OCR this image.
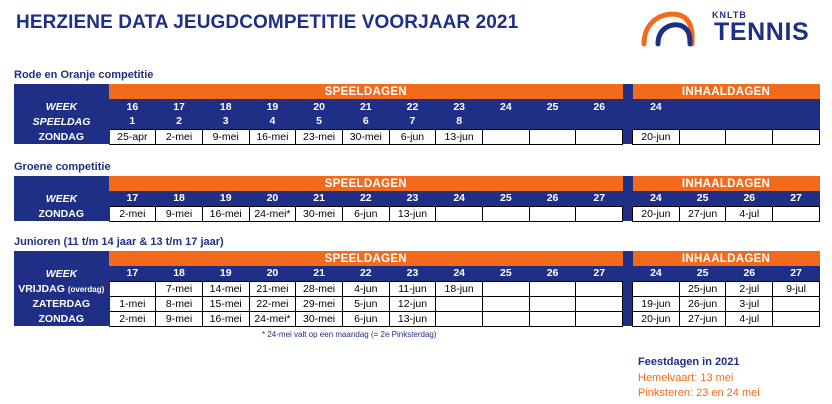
HERZIENE DATA JEUGDCOMPETITIE VOORJAAR 2021	KNLTB
TENNIS
Rode en Oranje competitie
	SPEELDAGEN												INHAALDAGEN			
WEEK	16	17	18	19	20	21	22	23	24	25	26		24			
SPEELDAG	1	2	3	4	5	6	7	8								
ZONDAG	25-apr	2-mei	9-mei	16-mei	23-mei	30-mei	6-jun	13-jun					20-jun			
Groene competitie
	SPEELDAGEN												INHAALDAGEN			
WEEK	17	18	19	20	21	22	23	24	25	26	27		24	25	26	27
ZONDAG	2-mei	9-mei	16-mei	24-mei*	30-mei	6-jun	13-jun						20-jun	27-jun	4-jul	
Junioren (11 t/m 14 jaar & 13 t/m 17 jaar)
	SPEELDAGEN												INHAALDAGEN			
WEEK	17	18	19	20	21	22	23	24	25	26	27		24	25	26	27
VRIJDAG (overdag)		7-mei	14-mei	21-mei	28-mei	4-jun	11-jun	18-jun						25-jun	2-jul	9-jul
ZATERDAG	1-mei	8-mei	15-mei	22-mei	29-mei	5-jun	12-jun						19-jun	26-jun	3-jul	
ZONDAG	2-mei	9-mei	16-mei	24-mei*	30-mei	6-jun	13-jun						20-jun	27-jun	4-jul	
* 24-mei valt op een maandag (= 2e Pinksterdag)
Feestdagen in 2021
Hemelvaart: 13 mei
Pinksteren: 23 en 24 mei
